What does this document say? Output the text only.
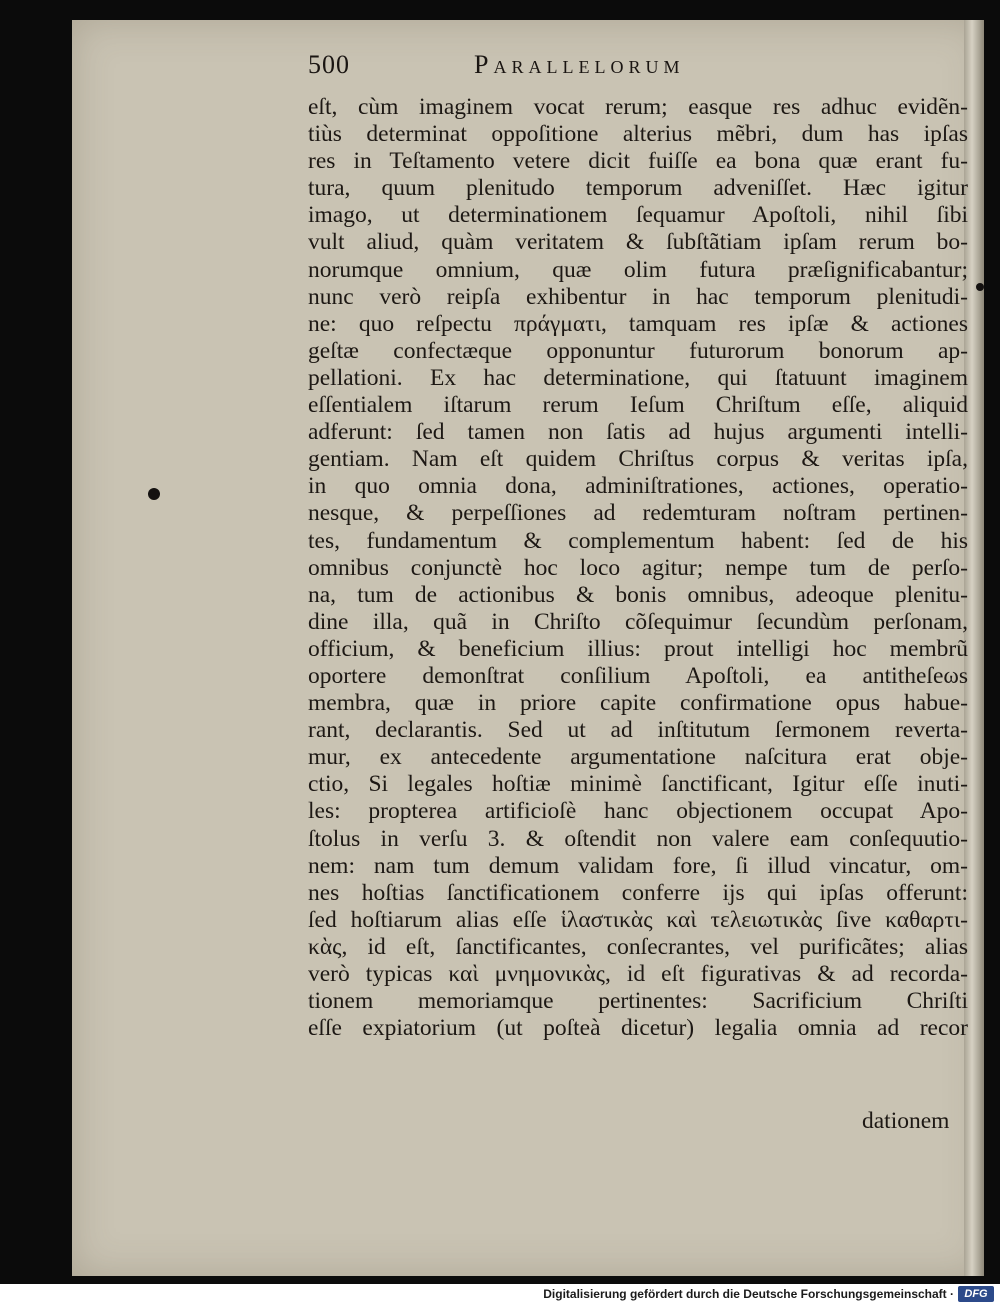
500	Parallelorum
eſt, cùm imaginem vocat rerum; easque res adhuc evidẽn-
tiùs determinat oppoſitione alterius mẽbri, dum has ipſas
res in Teſtamento vetere dicit fuiſſe ea bona quæ erant fu-
tura, quum plenitudo temporum adveniſſet. Hæc igitur
imago, ut determinationem ſequamur Apoſtoli, nihil ſibi
vult aliud, quàm veritatem & ſubſtãtiam ipſam rerum bo-
norumque omnium, quæ olim futura præſignificabantur;
nunc verò reipſa exhibentur in hac temporum plenitudi-
ne: quo reſpectu πράγματι, tamquam res ipſæ & actiones
geſtæ confectæque opponuntur futurorum bonorum ap-
pellationi. Ex hac determinatione, qui ſtatuunt imaginem
eſſentialem iſtarum rerum Ieſum Chriſtum eſſe, aliquid
adferunt: ſed tamen non ſatis ad hujus argumenti intelli-
gentiam. Nam eſt quidem Chriſtus corpus & veritas ipſa,
in quo omnia dona, adminiſtrationes, actiones, operatio-
nesque, & perpeſſiones ad redemturam noſtram pertinen-
tes, fundamentum & complementum habent: ſed de his
omnibus conjunctè hoc loco agitur; nempe tum de perſo-
na, tum de actionibus & bonis omnibus, adeoque plenitu-
dine illa, quã in Chriſto cõſequimur ſecundùm perſonam,
officium, & beneficium illius: prout intelligi hoc membrũ
oportere demonſtrat conſilium Apoſtoli, ea antitheſeωs
membra, quæ in priore capite confirmatione opus habue-
rant, declarantis. Sed ut ad inſtitutum ſermonem reverta-
mur, ex antecedente argumentatione naſcitura erat obje-
ctio, Si legales hoſtiæ minimè ſanctificant, Igitur eſſe inuti-
les: propterea artificioſè hanc objectionem occupat Apo-
ſtolus in verſu 3. & oſtendit non valere eam conſequutio-
nem: nam tum demum validam fore, ſi illud vincatur, om-
nes hoſtias ſanctificationem conferre ijs qui ipſas offerunt:
ſed hoſtiarum alias eſſe ἱλαστικὰς καὶ τελειωτικὰς ſive καθαρτι-
κὰς, id eſt, ſanctificantes, conſecrantes, vel purificãtes; alias
verò typicas καὶ μνημονικὰς, id eſt figurativas & ad recorda-
tionem memoriamque pertinentes: Sacrificium Chriſti
eſſe expiatorium (ut poſteà dicetur) legalia omnia ad recor
dationem
Digitalisierung gefördert durch die Deutsche Forschungsgemeinschaft · DFG
